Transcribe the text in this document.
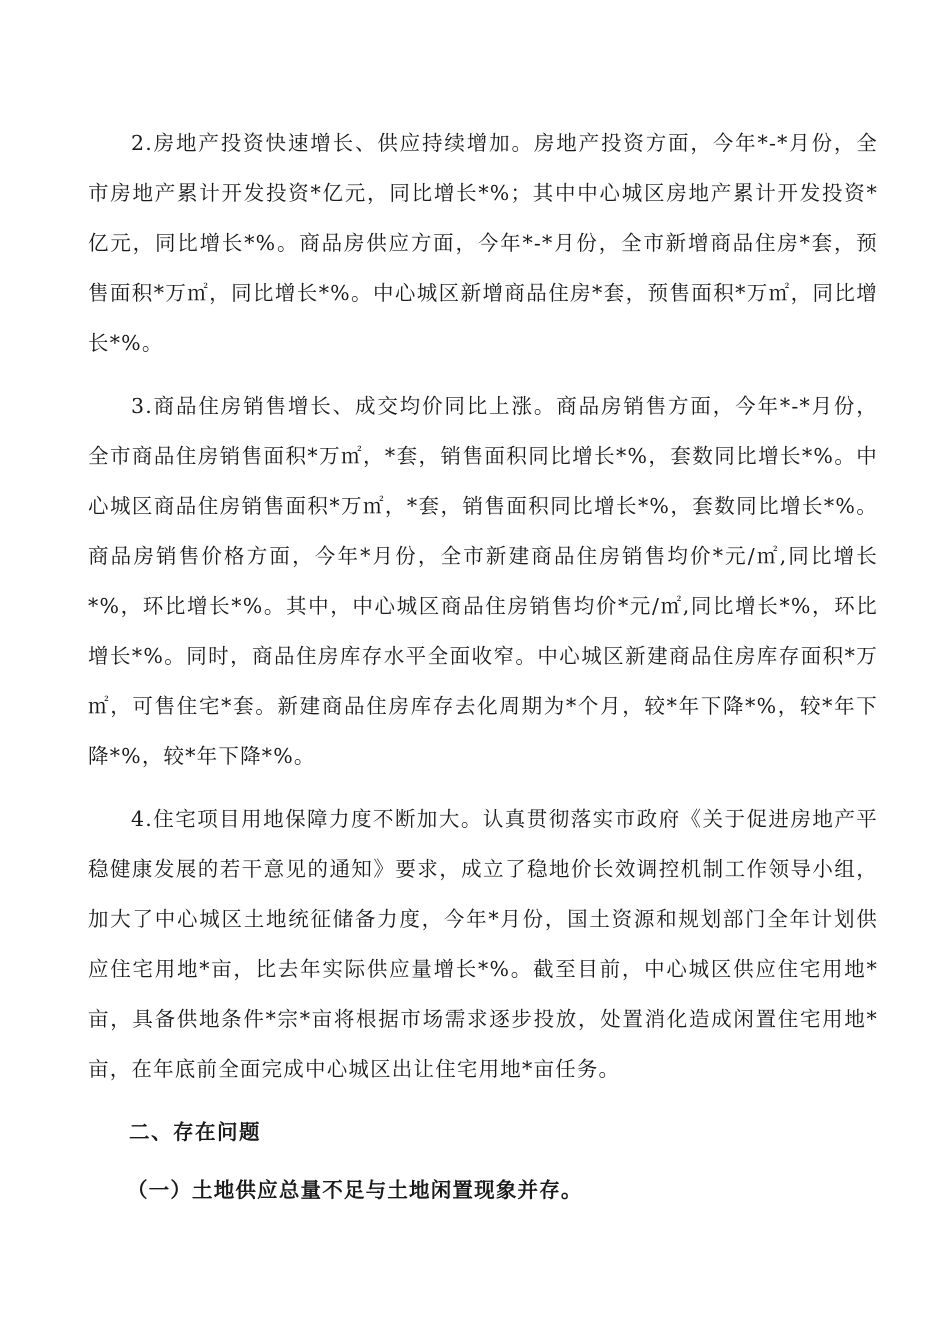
2.房地产投资快速增长、供应持续增加。房地产投资方面，今年*-*月份，全市房地产累计开发投资*亿元，同比增长*%；其中中心城区房地产累计开发投资*亿元，同比增长*%。商品房供应方面，今年*-*月份，全市新增商品住房*套，预售面积*万㎡，同比增长*%。中心城区新增商品住房*套，预售面积*万㎡，同比增长*%。

3.商品住房销售增长、成交均价同比上涨。商品房销售方面，今年*-*月份，全市商品住房销售面积*万㎡，*套，销售面积同比增长*%，套数同比增长*%。中心城区商品住房销售面积*万㎡，*套，销售面积同比增长*%，套数同比增长*%。商品房销售价格方面，今年*月份，全市新建商品住房销售均价*元/㎡,同比增长*%，环比增长*%。其中，中心城区商品住房销售均价*元/㎡,同比增长*%，环比增长*%。同时，商品住房库存水平全面收窄。中心城区新建商品住房库存面积*万㎡，可售住宅*套。新建商品住房库存去化周期为*个月，较*年下降*%，较*年下降*%，较*年下降*%。

4.住宅项目用地保障力度不断加大。认真贯彻落实市政府《关于促进房地产平稳健康发展的若干意见的通知》要求，成立了稳地价长效调控机制工作领导小组，加大了中心城区土地统征储备力度，今年*月份，国土资源和规划部门全年计划供应住宅用地*亩，比去年实际供应量增长*%。截至目前，中心城区供应住宅用地*亩，具备供地条件*宗*亩将根据市场需求逐步投放，处置消化造成闲置住宅用地*亩，在年底前全面完成中心城区出让住宅用地*亩任务。

二、存在问题

（一）土地供应总量不足与土地闲置现象并存。
